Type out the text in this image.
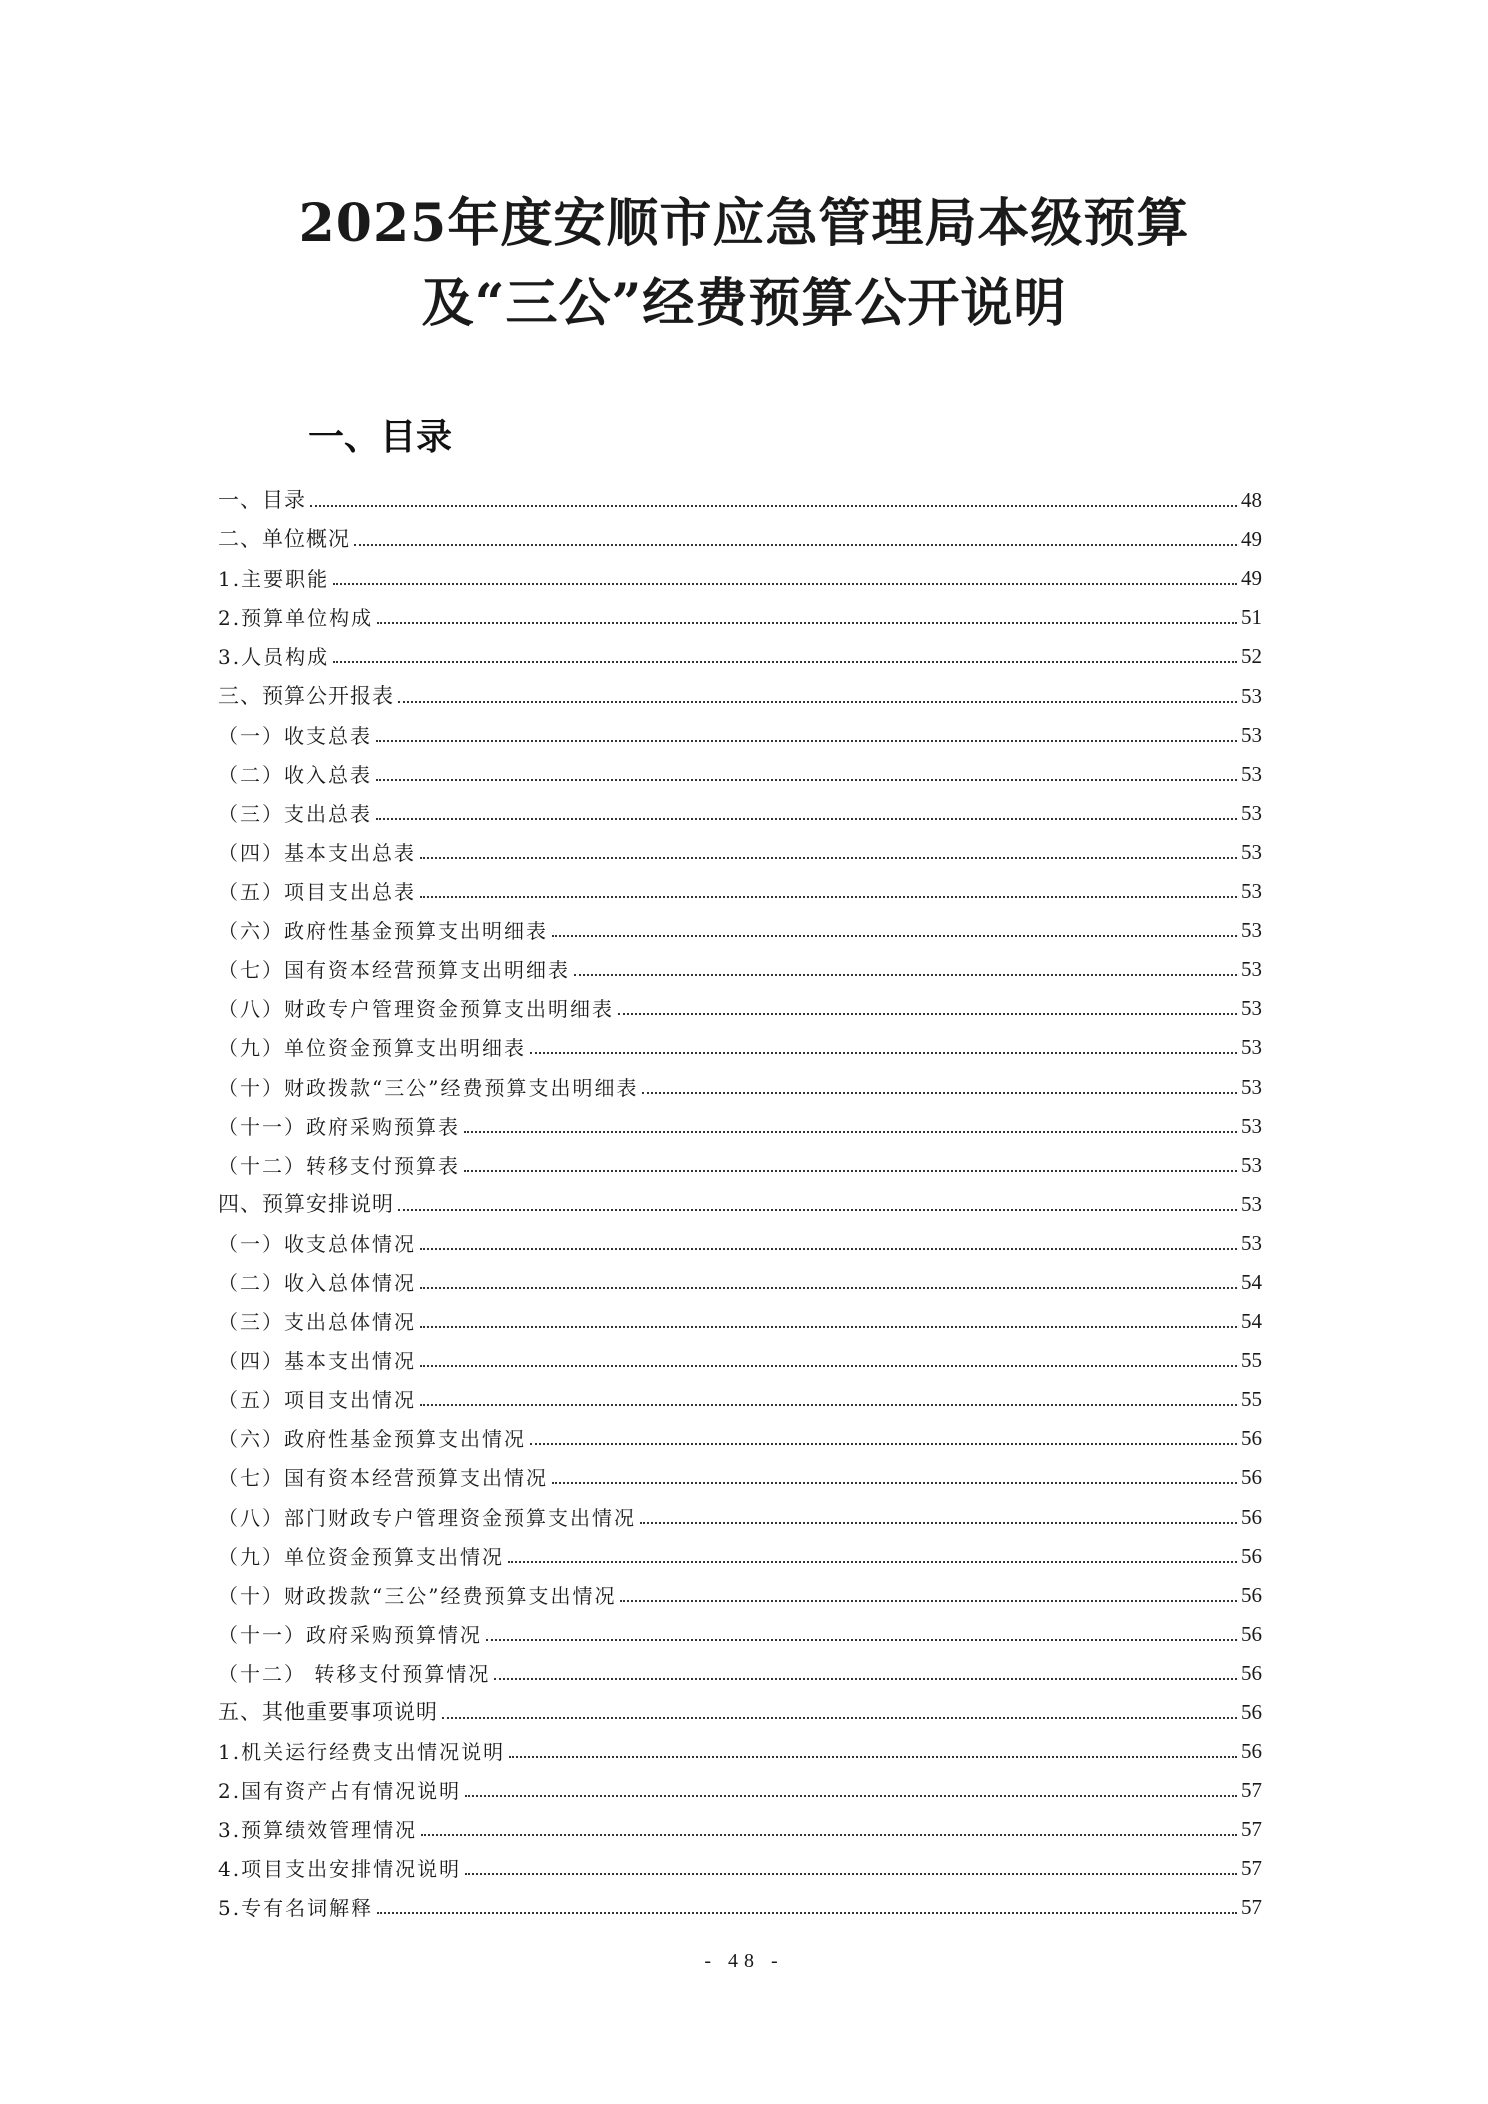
2025年度安顺市应急管理局本级预算
及“三公”经费预算公开说明
一、目录
一、目录	48
二、单位概况	49
1.主要职能	49
2.预算单位构成	51
3.人员构成	52
三、预算公开报表	53
（一）收支总表	53
（二）收入总表	53
（三）支出总表	53
（四）基本支出总表	53
（五）项目支出总表	53
（六）政府性基金预算支出明细表	53
（七）国有资本经营预算支出明细表	53
（八）财政专户管理资金预算支出明细表	53
（九）单位资金预算支出明细表	53
（十）财政拨款“三公”经费预算支出明细表	53
（十一）政府采购预算表	53
（十二）转移支付预算表	53
四、预算安排说明	53
（一）收支总体情况	53
（二）收入总体情况	54
（三）支出总体情况	54
（四）基本支出情况	55
（五）项目支出情况	55
（六）政府性基金预算支出情况	56
（七）国有资本经营预算支出情况	56
（八）部门财政专户管理资金预算支出情况	56
（九）单位资金预算支出情况	56
（十）财政拨款“三公”经费预算支出情况	56
（十一）政府采购预算情况	56
（十二） 转移支付预算情况	56
五、其他重要事项说明	56
1.机关运行经费支出情况说明	56
2.国有资产占有情况说明	57
3.预算绩效管理情况	57
4.项目支出安排情况说明	57
5.专有名词解释	57
- 48 -
